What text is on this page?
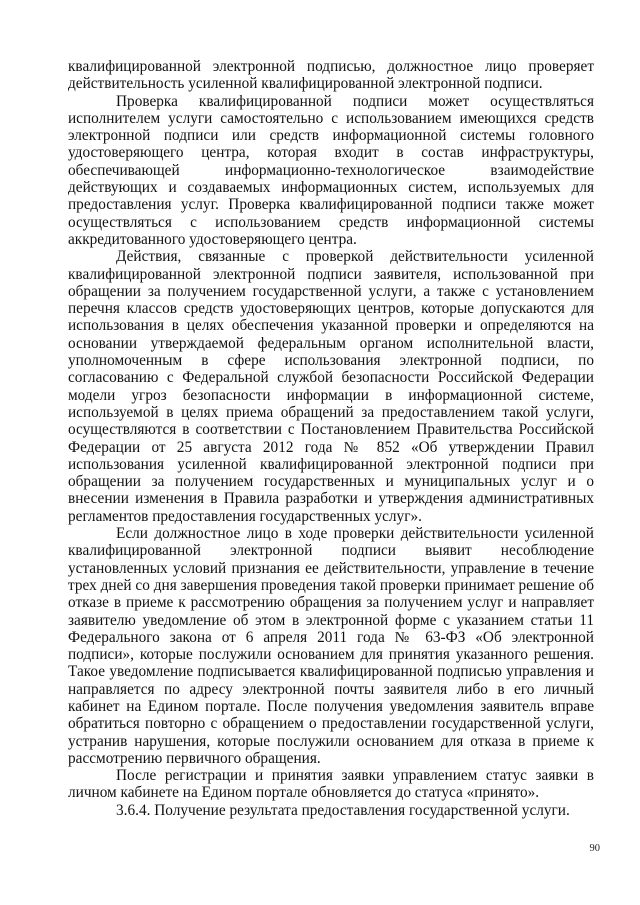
квалифицированной электронной подписью, должностное лицо проверяет действительность усиленной квалифицированной электронной подписи.

Проверка квалифицированной подписи может осуществляться исполнителем услуги самостоятельно с использованием имеющихся средств электронной подписи или средств информационной системы головного удостоверяющего центра, которая входит в состав инфраструктуры, обеспечивающей информационно-технологическое взаимодействие действующих и создаваемых информационных систем, используемых для предоставления услуг. Проверка квалифицированной подписи также может осуществляться с использованием средств информационной системы аккредитованного удостоверяющего центра.

Действия, связанные с проверкой действительности усиленной квалифицированной электронной подписи заявителя, использованной при обращении за получением государственной услуги, а также с установлением перечня классов средств удостоверяющих центров, которые допускаются для использования в целях обеспечения указанной проверки и определяются на основании утверждаемой федеральным органом исполнительной власти, уполномоченным в сфере использования электронной подписи, по согласованию с Федеральной службой безопасности Российской Федерации модели угроз безопасности информации в информационной системе, используемой в целях приема обращений за предоставлением такой услуги, осуществляются в соответствии с Постановлением Правительства Российской Федерации от 25 августа 2012 года № 852 «Об утверждении Правил использования усиленной квалифицированной электронной подписи при обращении за получением государственных и муниципальных услуг и о внесении изменения в Правила разработки и утверждения административных регламентов предоставления государственных услуг».

Если должностное лицо в ходе проверки действительности усиленной квалифицированной электронной подписи выявит несоблюдение установленных условий признания ее действительности, управление в течение трех дней со дня завершения проведения такой проверки принимает решение об отказе в приеме к рассмотрению обращения за получением услуг и направляет заявителю уведомление об этом в электронной форме с указанием статьи 11 Федерального закона от 6 апреля 2011 года № 63-ФЗ «Об электронной подписи», которые послужили основанием для принятия указанного решения. Такое уведомление подписывается квалифицированной подписью управления и направляется по адресу электронной почты заявителя либо в его личный кабинет на Едином портале. После получения уведомления заявитель вправе обратиться повторно с обращением о предоставлении государственной услуги, устранив нарушения, которые послужили основанием для отказа в приеме к рассмотрению первичного обращения.

После регистрации и принятия заявки управлением статус заявки в личном кабинете на Едином портале обновляется до статуса «принято».

3.6.4. Получение результата предоставления государственной услуги.

90
